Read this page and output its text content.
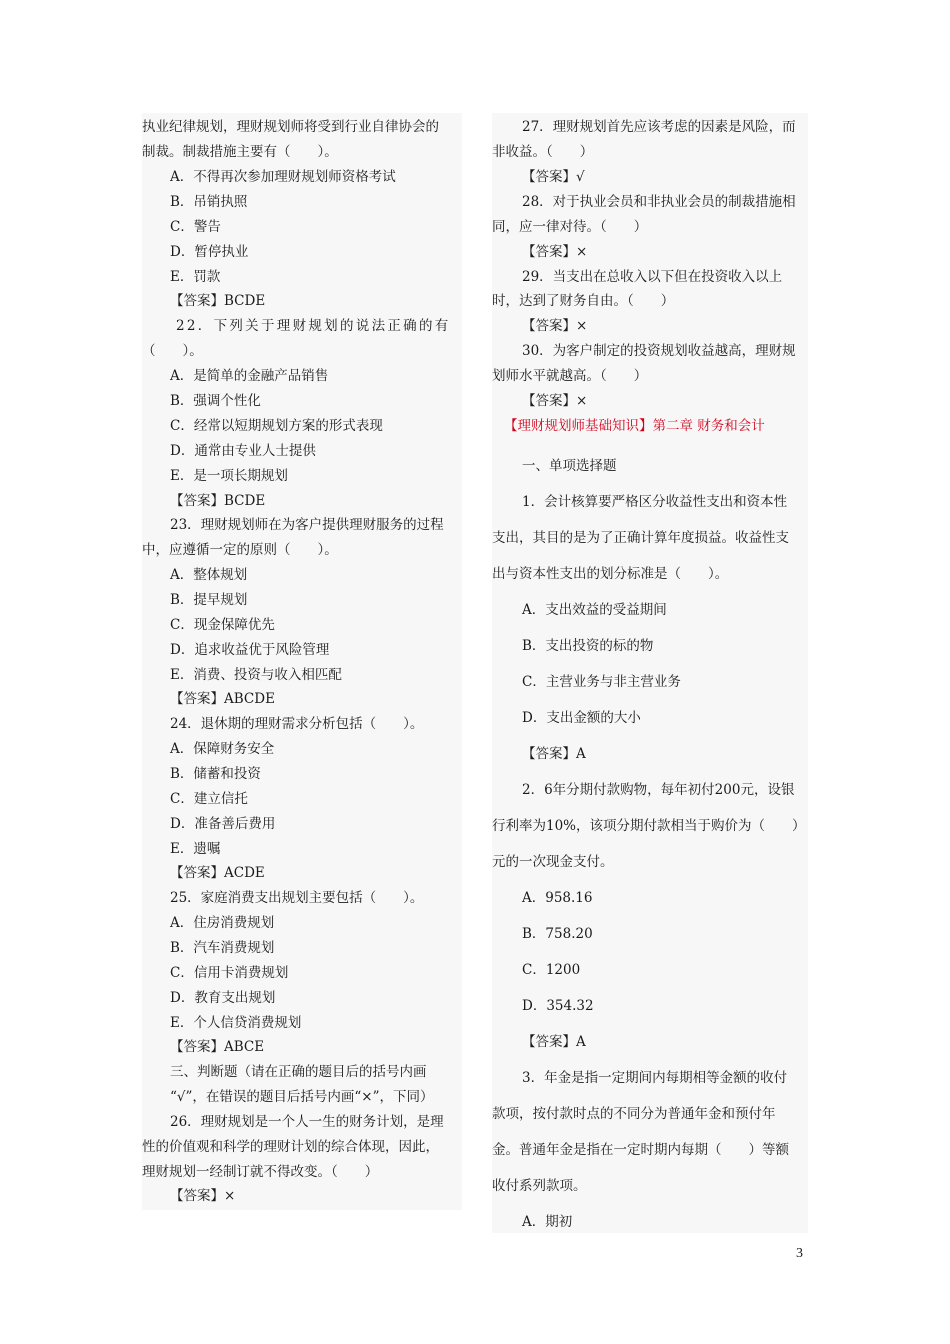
执业纪律规划，理财规划师将受到行业自律协会的
制裁。制裁措施主要有（　　）。
A．不得再次参加理财规划师资格考试
B．吊销执照
C．警告
D．暂停执业
E．罚款
【答案】BCDE
22．下列关于理财规划的说法正确的有
（　　）。
A．是简单的金融产品销售
B．强调个性化
C．经常以短期规划方案的形式表现
D．通常由专业人士提供
E．是一项长期规划
【答案】BCDE
23．理财规划师在为客户提供理财服务的过程
中，应遵循一定的原则（　　）。
A．整体规划
B．提早规划
C．现金保障优先
D．追求收益优于风险管理
E．消费、投资与收入相匹配
【答案】ABCDE
24．退休期的理财需求分析包括（　　）。
A．保障财务安全
B．储蓄和投资
C．建立信托
D．准备善后费用
E．遗嘱
【答案】ACDE
25．家庭消费支出规划主要包括（　　）。
A．住房消费规划
B．汽车消费规划
C．信用卡消费规划
D．教育支出规划
E．个人信贷消费规划
【答案】ABCE
三、判断题（请在正确的题目后的括号内画
“√”，在错误的题目后括号内画“×”，下同）
26．理财规划是一个人一生的财务计划，是理
性的价值观和科学的理财计划的综合体现，因此，
理财规划一经制订就不得改变。（　　）
【答案】×
27．理财规划首先应该考虑的因素是风险，而
非收益。（　　）
【答案】√
28．对于执业会员和非执业会员的制裁措施相
同，应一律对待。（　　）
【答案】×
29．当支出在总收入以下但在投资收入以上
时，达到了财务自由。（　　）
【答案】×
30．为客户制定的投资规划收益越高，理财规
划师水平就越高。（　　）
【答案】×
【理财规划师基础知识】第二章 财务和会计
一、单项选择题
1．会计核算要严格区分收益性支出和资本性
支出，其目的是为了正确计算年度损益。收益性支
出与资本性支出的划分标准是（　　）。
A．支出效益的受益期间
B．支出投资的标的物
C．主营业务与非主营业务
D．支出金额的大小
【答案】A
2．6年分期付款购物，每年初付200元，设银
行利率为10%，该项分期付款相当于购价为（　　）
元的一次现金支付。
A．958.16
B．758.20
C．1200
D．354.32
【答案】A
3．年金是指一定期间内每期相等金额的收付
款项，按付款时点的不同分为普通年金和预付年
金。普通年金是指在一定时期内每期（　　）等额
收付系列款项。
A．期初
3
